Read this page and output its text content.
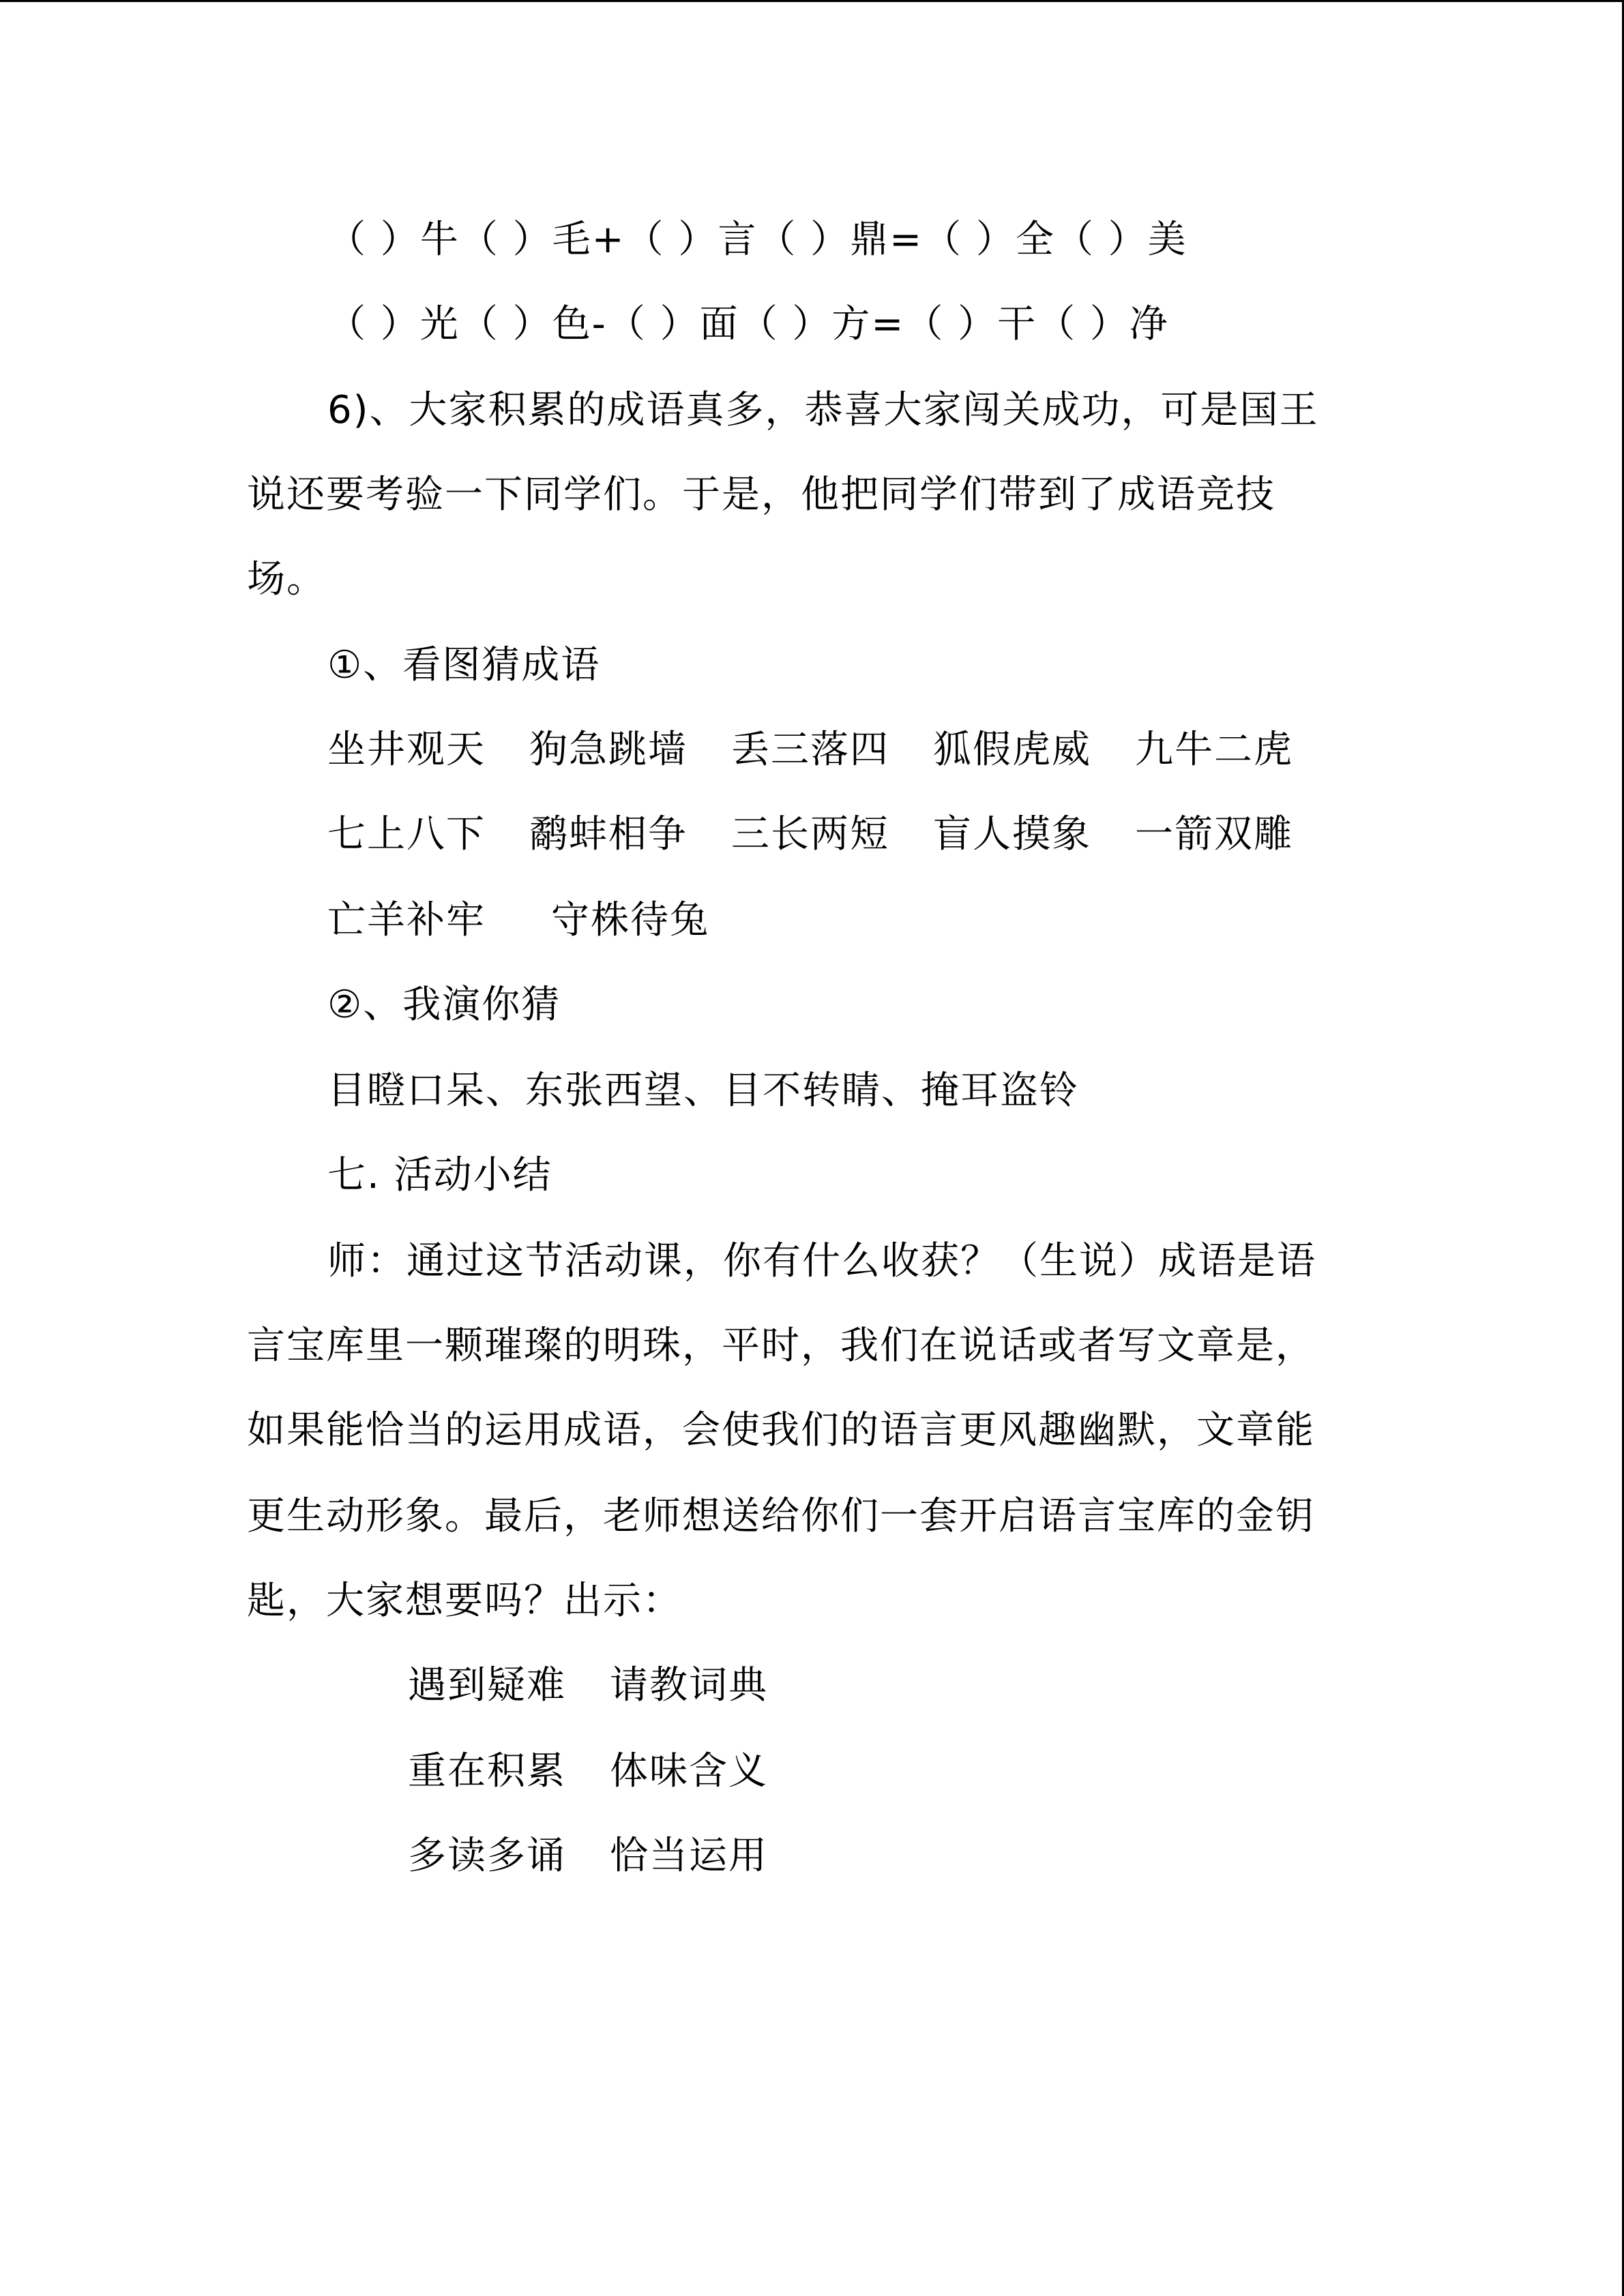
（ ）牛（ ）毛+（ ）言（ ）鼎=（ ）全（ ）美
（ ）光（ ）色-（ ）面（ ）方=（ ）干（ ）净
6)、大家积累的成语真多，恭喜大家闯关成功，可是国王
说还要考验一下同学们。于是，他把同学们带到了成语竞技
场。
①、看图猜成语
坐井观天 狗急跳墙 丢三落四 狐假虎威 九牛二虎
七上八下 鹬蚌相争 三长两短 盲人摸象 一箭双雕
亡羊补牢 守株待兔
②、我演你猜
目瞪口呆、东张西望、目不转睛、掩耳盗铃
七. 活动小结
师：通过这节活动课，你有什么收获？（生说）成语是语
言宝库里一颗璀璨的明珠，平时，我们在说话或者写文章是，
如果能恰当的运用成语，会使我们的语言更风趣幽默，文章能
更生动形象。最后，老师想送给你们一套开启语言宝库的金钥
匙，大家想要吗？出示：
遇到疑难 请教词典
重在积累 体味含义
多读多诵 恰当运用
